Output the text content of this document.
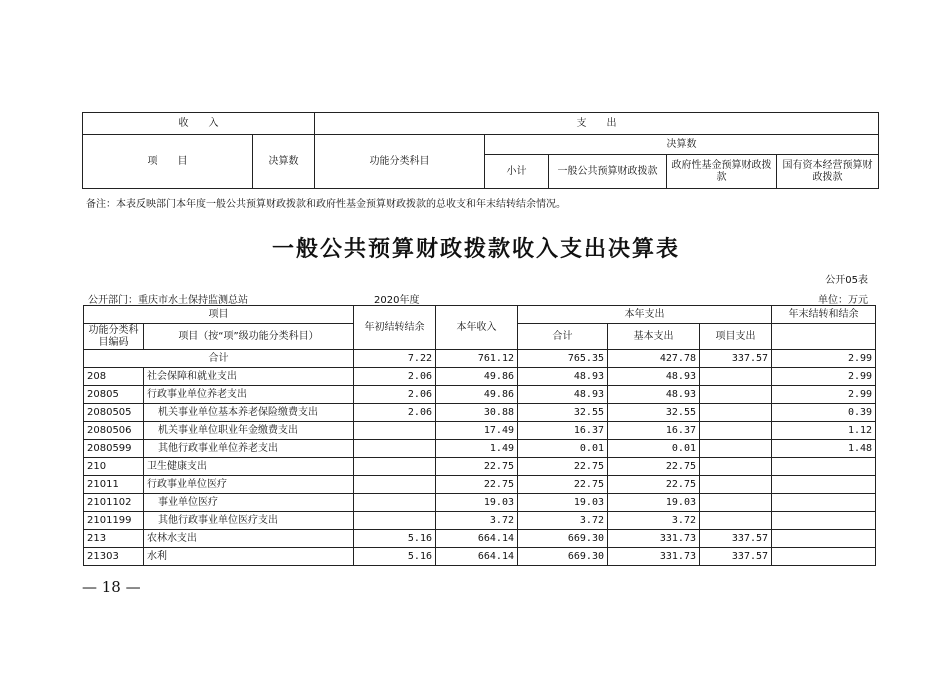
收　　入		支　　出				
项　　目	决算数	功能分类科目	决算数			
			小计	一般公共预算财政拨款	政府性基金预算财政拨款	国有资本经营预算财政拨款
备注：本表反映部门本年度一般公共预算财政拨款和政府性基金预算财政拨款的总收支和年末结转结余情况。
一般公共预算财政拨款收入支出决算表
公开05表
公开部门：重庆市水土保持监测总站	2020年度	单位：万元
项目		年初结转结余	本年收入	本年支出			年末结转和结余
功能分类科目编码	项目（按“项”级功能分类科目）			合计	基本支出	项目支出	
合计		7.22	761.12	765.35	427.78	337.57	2.99
208	社会保障和就业支出	2.06	49.86	48.93	48.93		2.99
20805	行政事业单位养老支出	2.06	49.86	48.93	48.93		2.99
2080505	机关事业单位基本养老保险缴费支出	2.06	30.88	32.55	32.55		0.39
2080506	机关事业单位职业年金缴费支出		17.49	16.37	16.37		1.12
2080599	其他行政事业单位养老支出		1.49	0.01	0.01		1.48
210	卫生健康支出		22.75	22.75	22.75		
21011	行政事业单位医疗		22.75	22.75	22.75		
2101102	事业单位医疗		19.03	19.03	19.03		
2101199	其他行政事业单位医疗支出		3.72	3.72	3.72		
213	农林水支出	5.16	664.14	669.30	331.73	337.57	
21303	水利	5.16	664.14	669.30	331.73	337.57	
— 18 —
